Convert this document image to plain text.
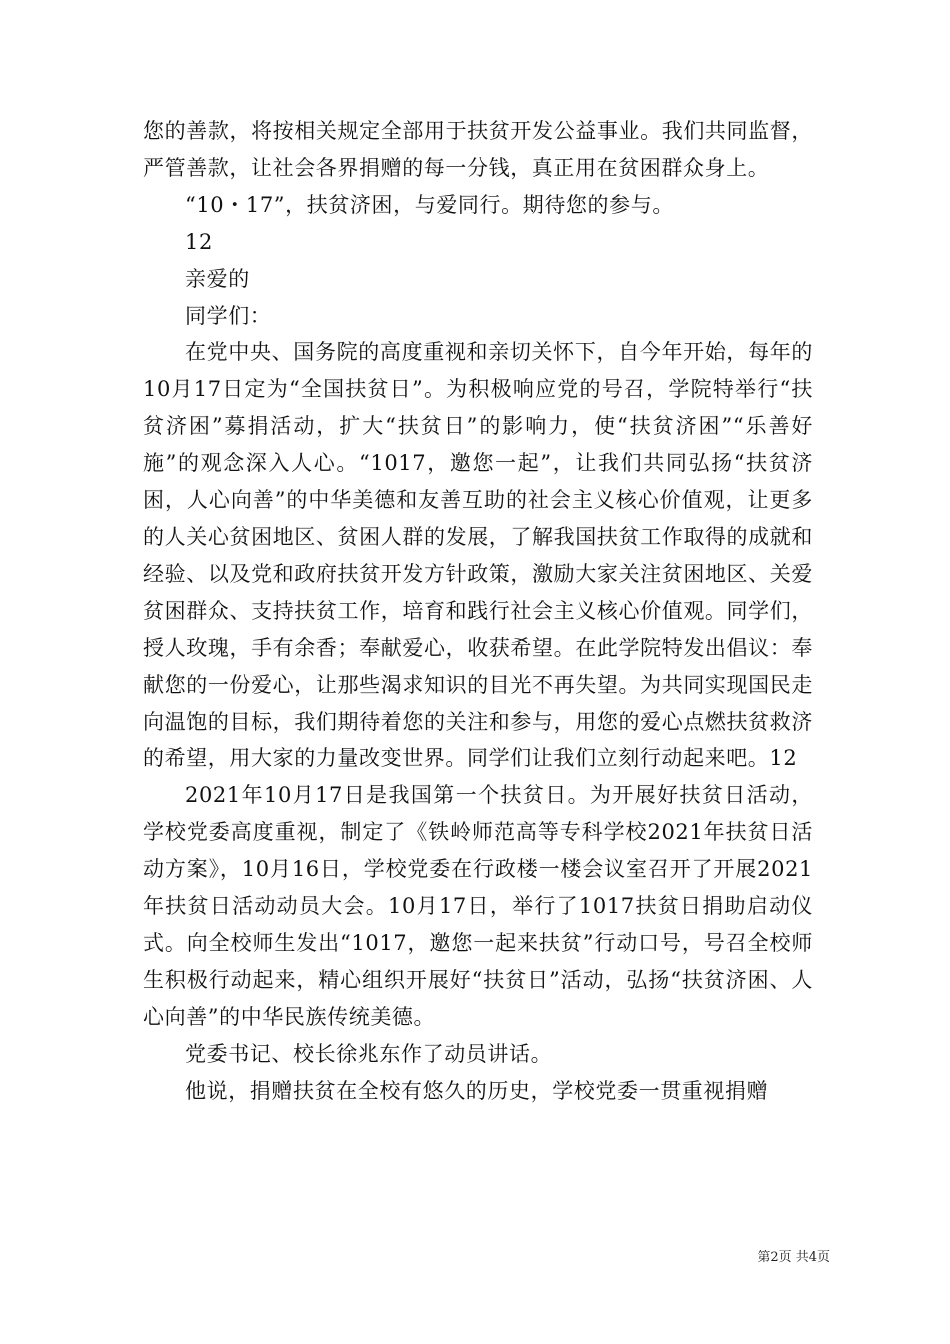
您的善款，将按相关规定全部用于扶贫开发公益事业。我们共同监督，严管善款，让社会各界捐赠的每一分钱，真正用在贫困群众身上。

“10・17”，扶贫济困，与爱同行。期待您的参与。

12

亲爱的

同学们：

在党中央、国务院的高度重视和亲切关怀下，自今年开始，每年的10月17日定为“全国扶贫日”。为积极响应党的号召，学院特举行“扶贫济困”募捐活动，扩大“扶贫日”的影响力，使“扶贫济困”“乐善好施”的观念深入人心。“1017，邀您一起”，让我们共同弘扬“扶贫济困，人心向善”的中华美德和友善互助的社会主义核心价值观，让更多的人关心贫困地区、贫困人群的发展，了解我国扶贫工作取得的成就和经验、以及党和政府扶贫开发方针政策，激励大家关注贫困地区、关爱贫困群众、支持扶贫工作，培育和践行社会主义核心价值观。同学们，授人玫瑰，手有余香；奉献爱心，收获希望。在此学院特发出倡议：奉献您的一份爱心，让那些渴求知识的目光不再失望。为共同实现国民走向温饱的目标，我们期待着您的关注和参与，用您的爱心点燃扶贫救济的希望，用大家的力量改变世界。同学们让我们立刻行动起来吧。12

2021年10月17日是我国第一个扶贫日。为开展好扶贫日活动，学校党委高度重视，制定了《铁岭师范高等专科学校2021年扶贫日活动方案》，10月16日，学校党委在行政楼一楼会议室召开了开展2021年扶贫日活动动员大会。10月17日，举行了1017扶贫日捐助启动仪式。向全校师生发出“1017，邀您一起来扶贫”行动口号，号召全校师生积极行动起来，精心组织开展好“扶贫日”活动，弘扬“扶贫济困、人心向善”的中华民族传统美德。

党委书记、校长徐兆东作了动员讲话。

他说，捐赠扶贫在全校有悠久的历史，学校党委一贯重视捐赠

第2页 共4页
